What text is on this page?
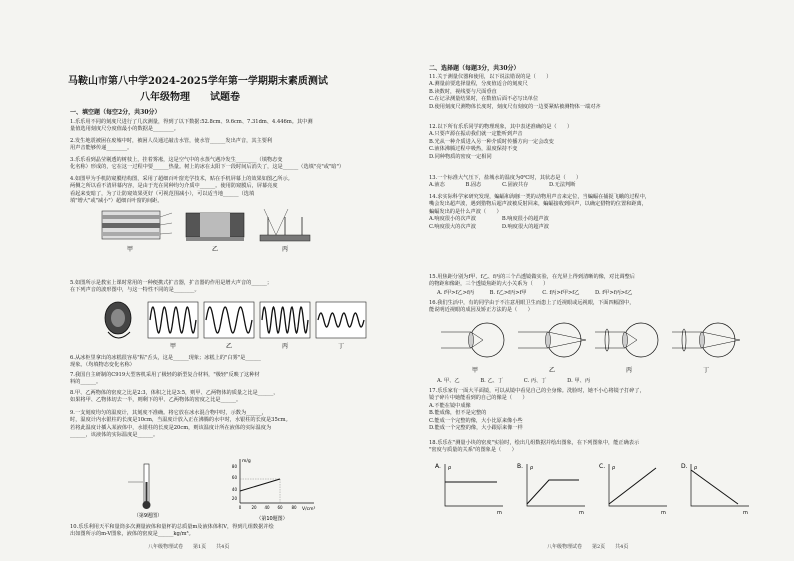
马鞍山市第八中学2024-2025学年第一学期期末素质测试
八年级物理　　试题卷
一、填空题（每空2分，共30分）
1.乐乐用不同的刻度尺进行了几次测量，得到了以下数据:52.8cm、9.6cm、7.31dm、4.446m。其中测
量值选用刻度尺分度值最小的数据是________。
2.发生地震被困在废墟中时，被困人员通过敲击水管，使水管______发出声音，其主要利
用声音能够传递________。
3.乐乐看到晶莹剔透的树枝上，挂着雾凇，这是空气中的水蒸气遇冷发生________（填物态变
化名称）形成的，它在这一过程中要______热量。树上的冰在太阳下一段时间后消失了，这是______（选填"亮"或"暗"）
4.如图甲为手机防窥膜结构图，采用了超细百叶窗光学技术，贴在手机屏幕上的效果如图乙所示。
两侧之所以看不清屏幕内容，是由于光在同种均匀介质中______。使用防窥膜后，屏幕亮度
看起来变暗了，为了让防窥效果更好（可视范围减小），可以适当地______（选填
填"增大"或"减小"）超细百叶窗的间距。
甲	乙	丙
5.如图所示是教室上课时常用的一种便携式扩音器，扩音器的作用是增大声音的______；
在下列声音的波形图中，与这一特性不同的是________。
甲	乙	丙	丁
6.从冰柜里拿出的冰糕很容易"粘"舌头，这是______现象；冰糕上的"白雾"是______
现象。（均填物态变化名称）
7.我国自主研制的C919大型客机采用了极轻的新型复合材料，"极轻"反映了这种材
料的______。
8.甲、乙两物体的密度之比是2:3，体积之比是3:5，则甲、乙两物体的质量之比是______，
如果将甲、乙物体切去一半，则剩下的甲、乙两物体的密度之比是______。
9.一支刻度均匀的温度计，其刻度不准确。将它放在冰水混合物中时，示数为______，
时，温度计内水银柱的长度是10cm，当温度计放入正在沸腾的水中时，水银柱的长度是35cm。
若将此温度计插入某液体中，水银柱的长度是20cm，则该温度计所在液体的实际温度为
______，该液体的实际温度是______。
（第9题图）
m/g
V/cm³
80
60
40
20
0	20 40 60 80
（第10题图）
10.乐乐利用天平和量筒多次测量液体和量杯的总质量m及液体体积V，得到几组数据并绘
出如图所示的m-V图象，液体的密度是______kg/m³。
八年级物理试卷　　第1页　　共4页
二、选择题（每题3分，共30分）
11.关于测量仪器和使用，以下说法错误的是（　　）
A.测量前要选择量程，分度值适合的刻度尺
B.读数时，视线要与尺面垂直
C.在记录测量结果时，在数值后面不必写出单位
D.使用刻度尺测物体长度时，刻度尺有刻度的一边要紧贴被测物体一端对齐
12.以下所有乐乐同学的物理现象，其中表述准确的是（　　）
A.只要声源在振动我们就一定能听到声音
B.光从一种介质进入另一种介质时传播方向一定会改变
C.液体沸腾过程中吸热，温度保持不变
D.同种物质的密度一定相同
13.一个标准大气压下，盐城水的温度为0℃时，其状态是（　　）
A.液态　　　　B.固态　　　　C.固液共存　　　　D.无法判断
14.求实际科学家研究发现，蝙蝠和海豚一类的动物用声音来定位，当蝙蝠在捕捉飞蛾的过程中，
嘴会发出超声波，遇到猎物后超声波被反射回来，蝙蝠接收到回声，以确定猎物的位置和距离，
蝙蝠发出的是什么声波（　　）
A.响度很小的次声波　　　　　B.响度很小的超声波
C.响度很大的次声波　　　　　D.响度很大的超声波
15.用焦距分别为f甲、f乙、f丙的三个凸透镜做实验，在光屏上得到清晰的像，对比调整后
的物距和像距，三个透镜焦距的大小关系为（　　）
A. f甲>f乙>f丙　　　B. f乙>f丙>f甲　　　C. f丙>f甲>f乙　　　D. f甲>f丙>f乙
16.我们生活中，有的同学由于不注意用眼卫生而患上了近视眼或远视眼，下面四幅图中，
能说明近视眼的成因及矫正方法的是（　　）
甲	乙	丙	丁
A. 甲、乙　　　　B. 乙、丁　　　　C. 丙、丁　　　　D. 甲、丙
17.乐乐家有一面大平面镜，可以从镜中看见自己的全身像。洗脸时，她不小心将镜子打碎了，
镜子碎片中她能看到的自己的像是（　　）
A.不能在镜中成像
B.能成像，但不是完整的
C.能成一个完整的像，大小比原来像小些
D.能成一个完整的像，大小跟原来像一样
18.乐乐在"测量小块的密度"实验时，绘出几组数据并绘出图象，在下列图象中，能正确表示
"密度与质量的关系"的图象是（　　）
A. ρ
m
B. ρ
m
C. ρ
m
D. ρ
m
八年级物理试卷　　第2页　　共4页
